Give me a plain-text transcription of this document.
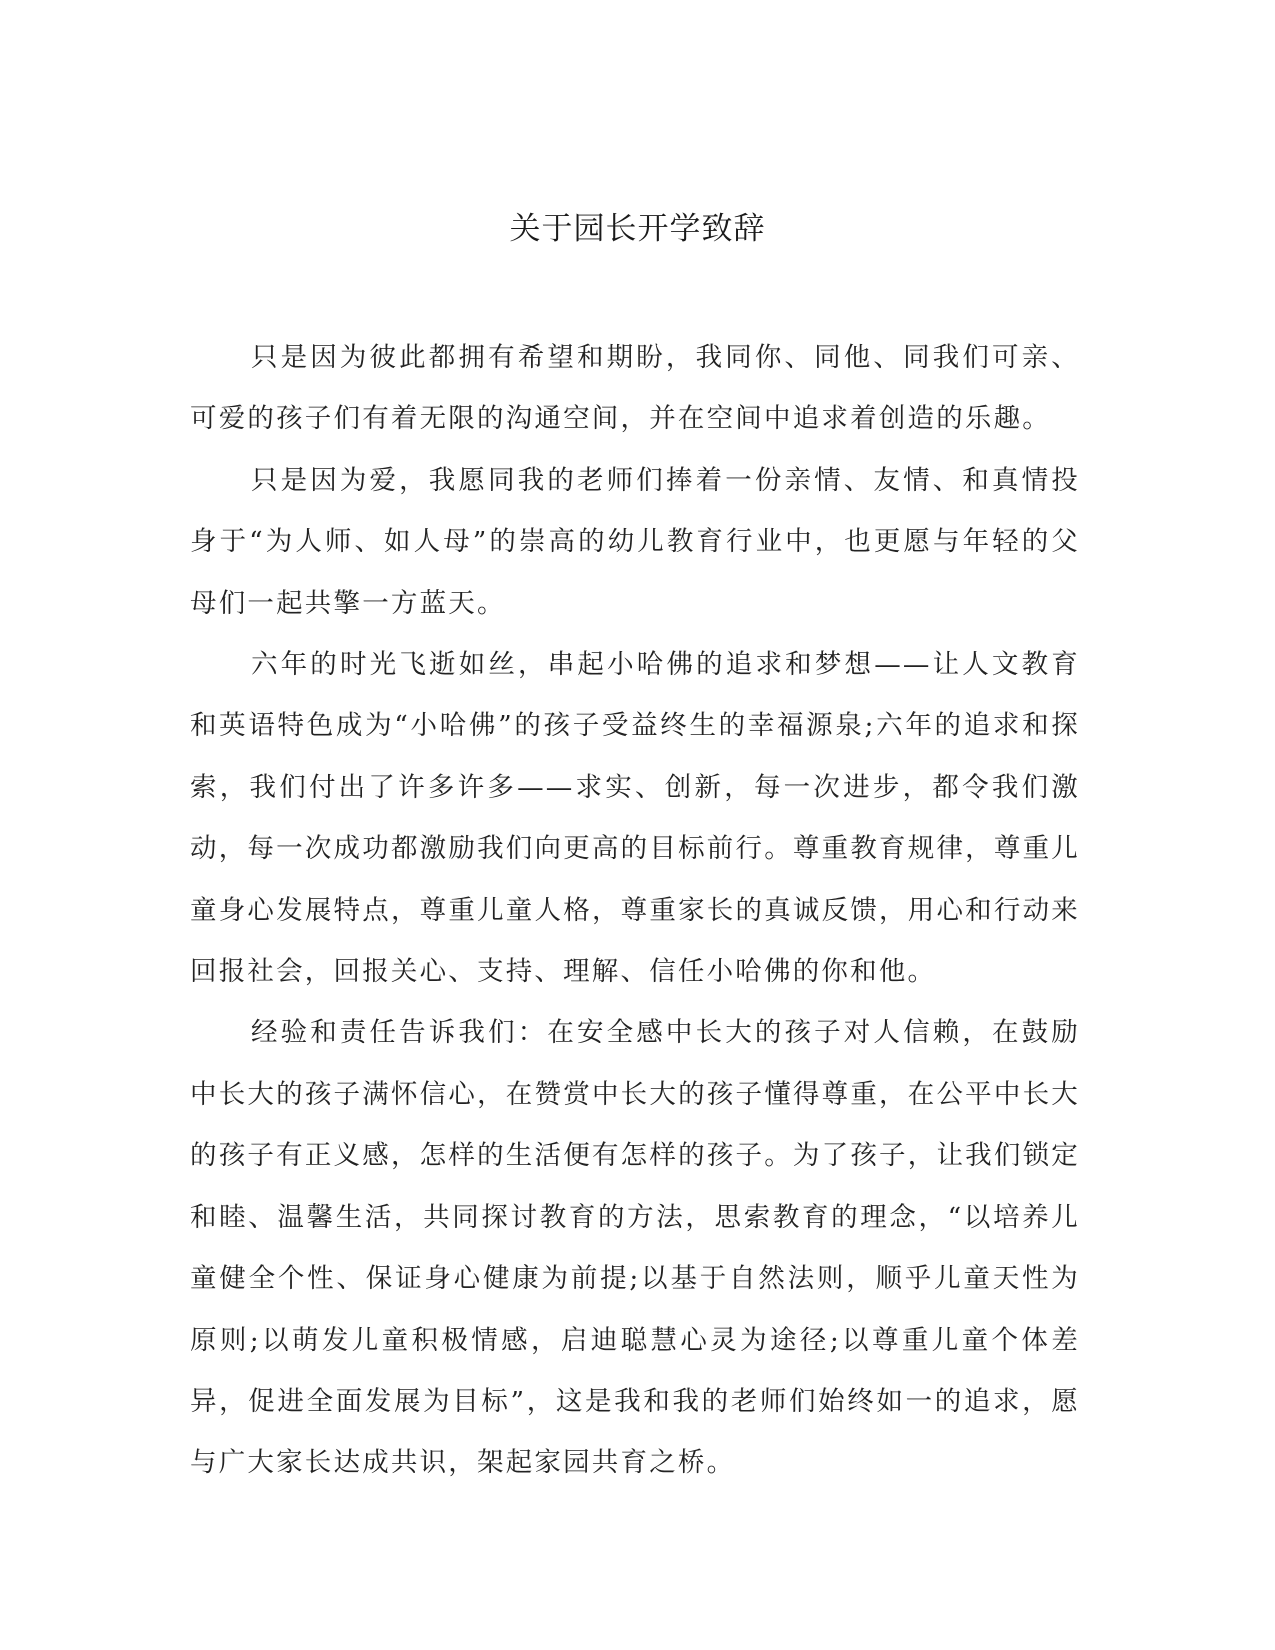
关于园长开学致辞

只是因为彼此都拥有希望和期盼，我同你、同他、同我们可亲、可爱的孩子们有着无限的沟通空间，并在空间中追求着创造的乐趣。

只是因为爱，我愿同我的老师们捧着一份亲情、友情、和真情投身于“为人师、如人母”的崇高的幼儿教育行业中，也更愿与年轻的父母们一起共擎一方蓝天。

六年的时光飞逝如丝，串起小哈佛的追求和梦想——让人文教育和英语特色成为“小哈佛”的孩子受益终生的幸福源泉;六年的追求和探索，我们付出了许多许多——求实、创新，每一次进步，都令我们激动，每一次成功都激励我们向更高的目标前行。尊重教育规律，尊重儿童身心发展特点，尊重儿童人格，尊重家长的真诚反馈，用心和行动来回报社会，回报关心、支持、理解、信任小哈佛的你和他。

经验和责任告诉我们：在安全感中长大的孩子对人信赖，在鼓励中长大的孩子满怀信心，在赞赏中长大的孩子懂得尊重，在公平中长大的孩子有正义感，怎样的生活便有怎样的孩子。为了孩子，让我们锁定和睦、温馨生活，共同探讨教育的方法，思索教育的理念，“以培养儿童健全个性、保证身心健康为前提;以基于自然法则，顺乎儿童天性为原则;以萌发儿童积极情感，启迪聪慧心灵为途径;以尊重儿童个体差异，促进全面发展为目标”，这是我和我的老师们始终如一的追求，愿与广大家长达成共识，架起家园共育之桥。
